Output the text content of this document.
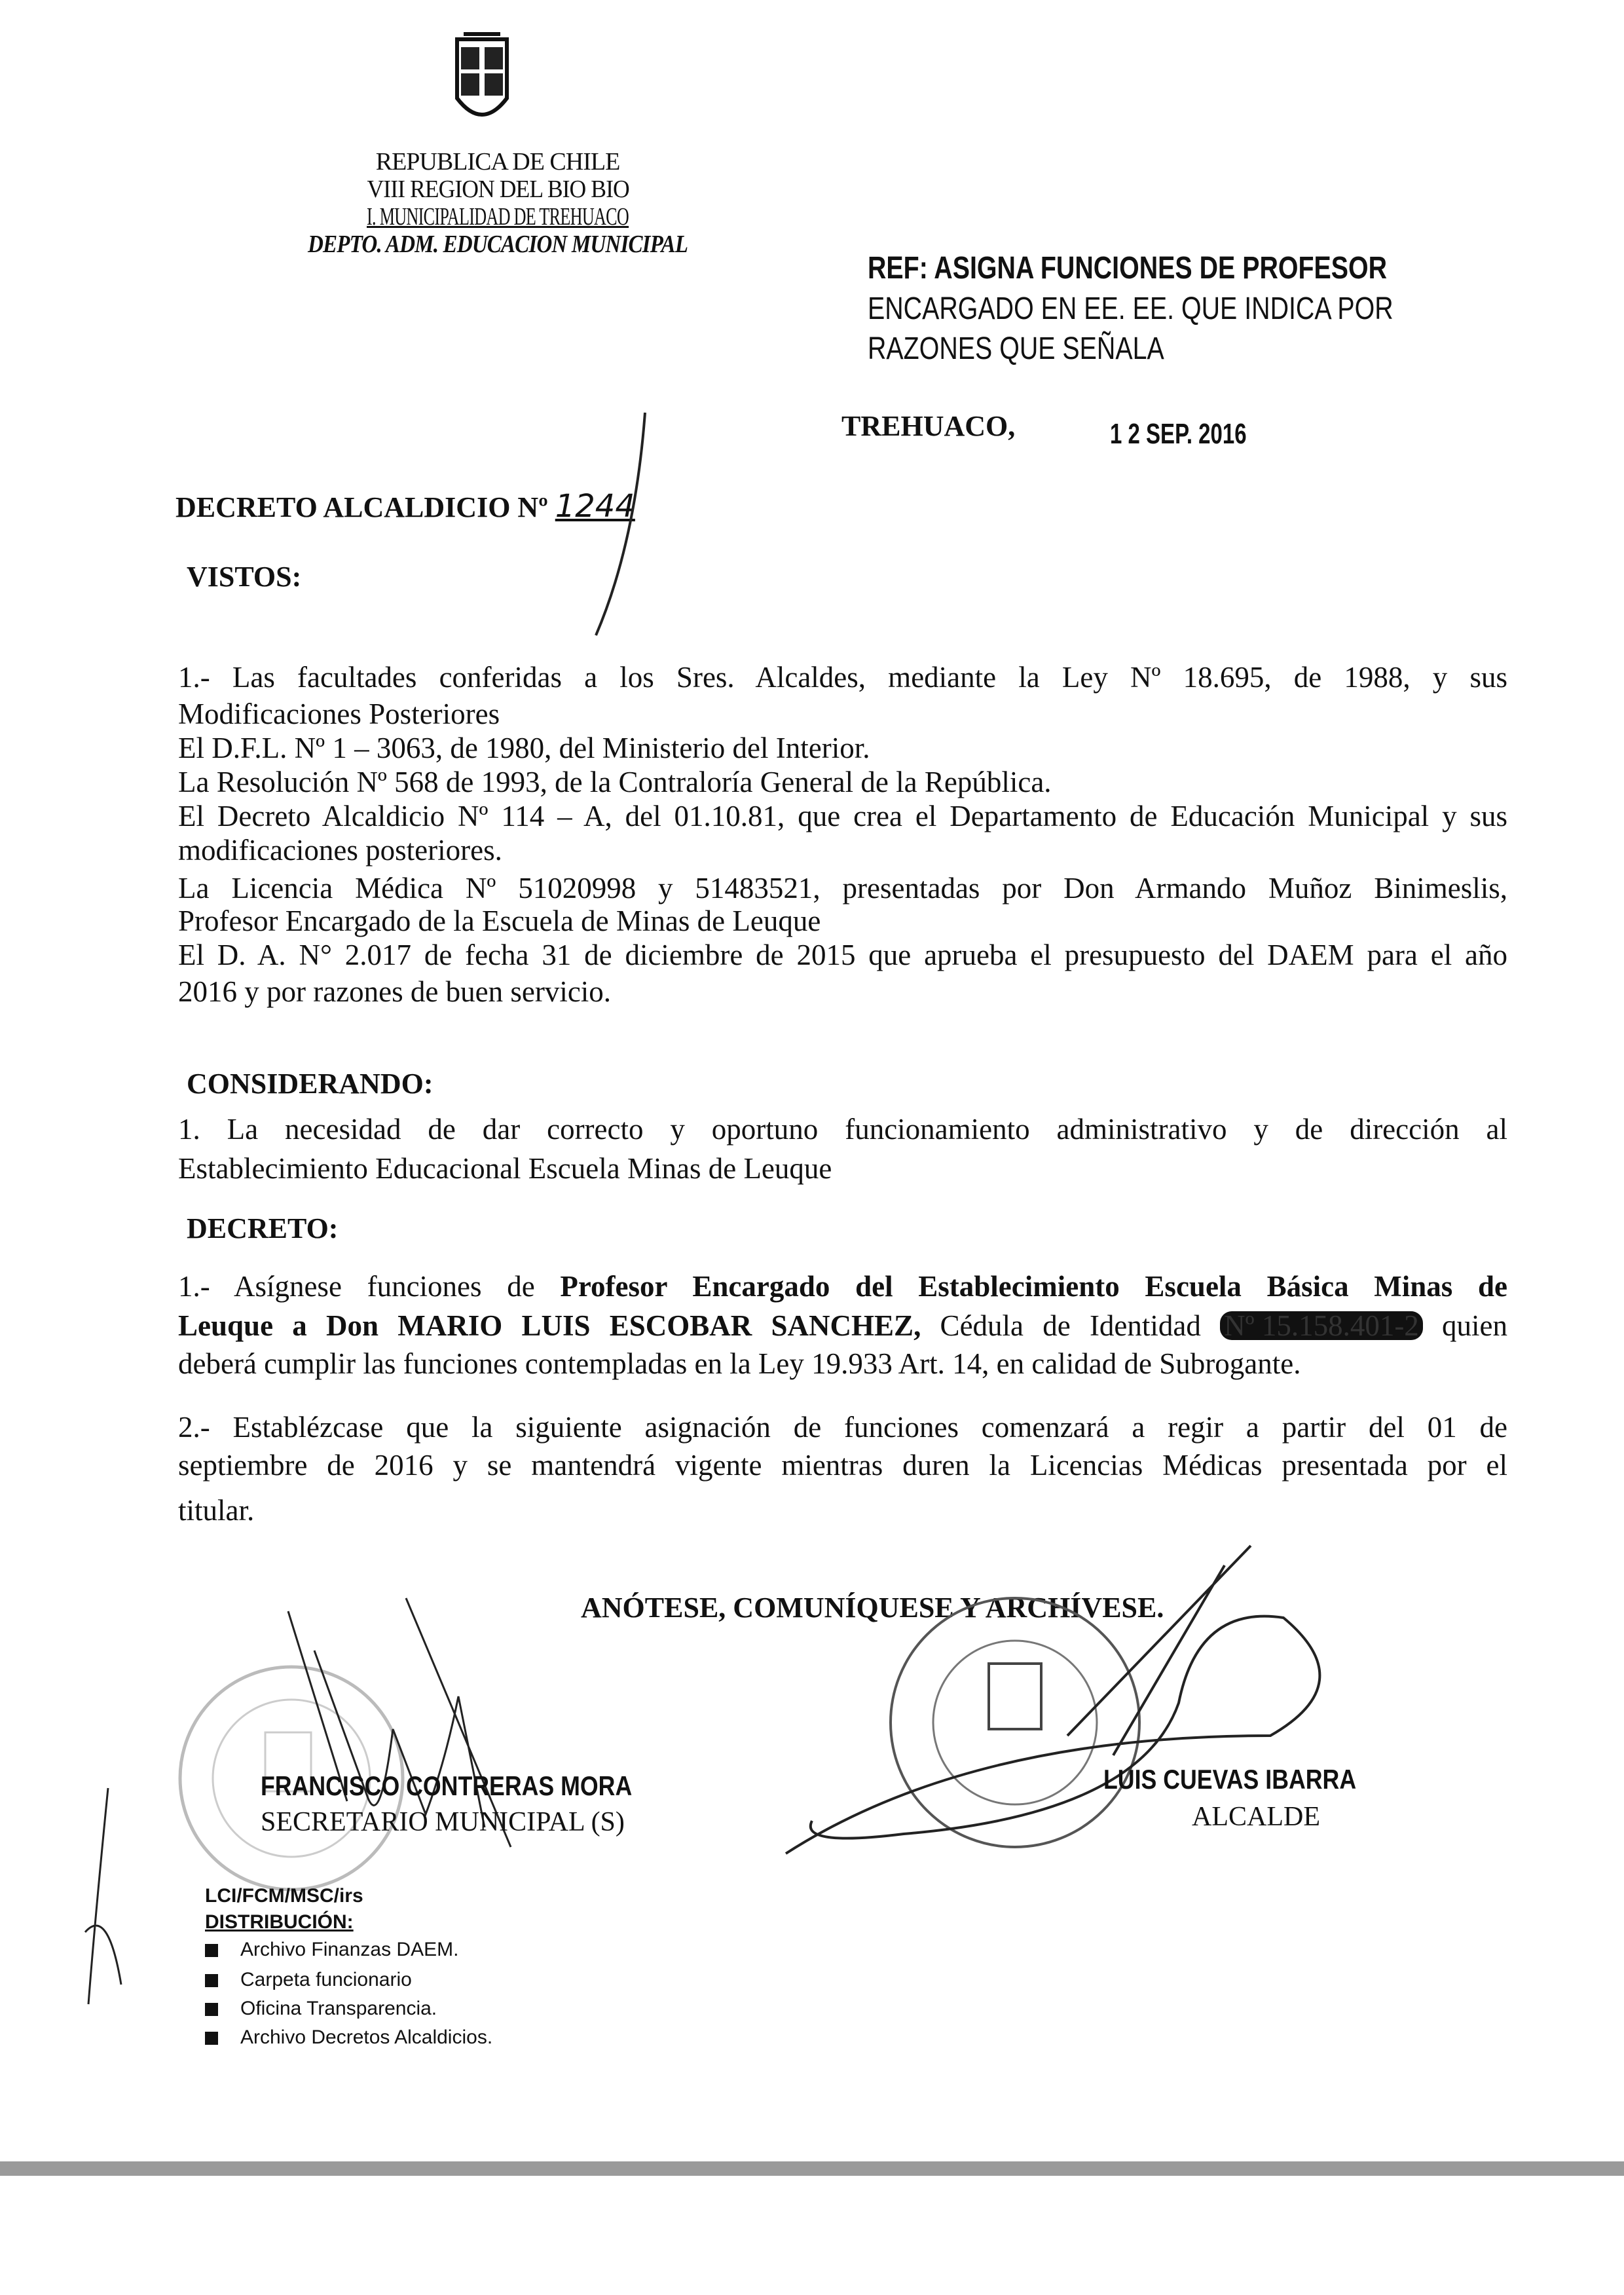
REPUBLICA DE CHILE
VIII REGION DEL BIO BIO
I. MUNICIPALIDAD DE TREHUACO
DEPTO. ADM. EDUCACION MUNICIPAL
REF: ASIGNA FUNCIONES DE PROFESOR
ENCARGADO EN EE. EE. QUE INDICA POR
RAZONES QUE SEÑALA
TREHUACO,	1 2 SEP. 2016
DECRETO ALCALDICIO Nº 1244
VISTOS:
1.- Las facultades conferidas a los Sres. Alcaldes, mediante la Ley Nº 18.695, de 1988, y sus
Modificaciones Posteriores
El D.F.L. Nº 1 – 3063, de 1980, del Ministerio del Interior.
La Resolución Nº 568 de 1993, de la Contraloría General de la República.
El Decreto Alcaldicio Nº 114 – A, del 01.10.81, que crea el Departamento de Educación Municipal y sus
modificaciones posteriores.
La Licencia Médica Nº 51020998 y 51483521, presentadas por Don Armando Muñoz Binimeslis,
Profesor Encargado de la Escuela de Minas de Leuque
El D. A. N° 2.017 de fecha 31 de diciembre de 2015 que aprueba el presupuesto del DAEM para el año
2016 y por razones de buen servicio.
CONSIDERANDO:
1. La necesidad de dar correcto y oportuno funcionamiento administrativo y de dirección al
Establecimiento Educacional Escuela Minas de Leuque
DECRETO:
1.- Asígnese funciones de Profesor Encargado del Establecimiento Escuela Básica Minas de
Leuque a Don MARIO LUIS ESCOBAR SANCHEZ, Cédula de Identidad Nº 15.158.401-2 quien
deberá cumplir las funciones contempladas en la Ley 19.933 Art. 14, en calidad de Subrogante.
2.- Establézcase que la siguiente asignación de funciones comenzará a regir a partir del 01 de
septiembre de 2016 y se mantendrá vigente mientras duren la Licencias Médicas presentada por el
titular.
ANÓTESE, COMUNÍQUESE Y ARCHÍVESE.
FRANCISCO CONTRERAS MORA
SECRETARIO MUNICIPAL (S)
LUIS CUEVAS IBARRA
ALCALDE
LCI/FCM/MSC/irs
DISTRIBUCIÓN:
Archivo Finanzas DAEM.
Carpeta funcionario
Oficina Transparencia.
Archivo Decretos Alcaldicios.
